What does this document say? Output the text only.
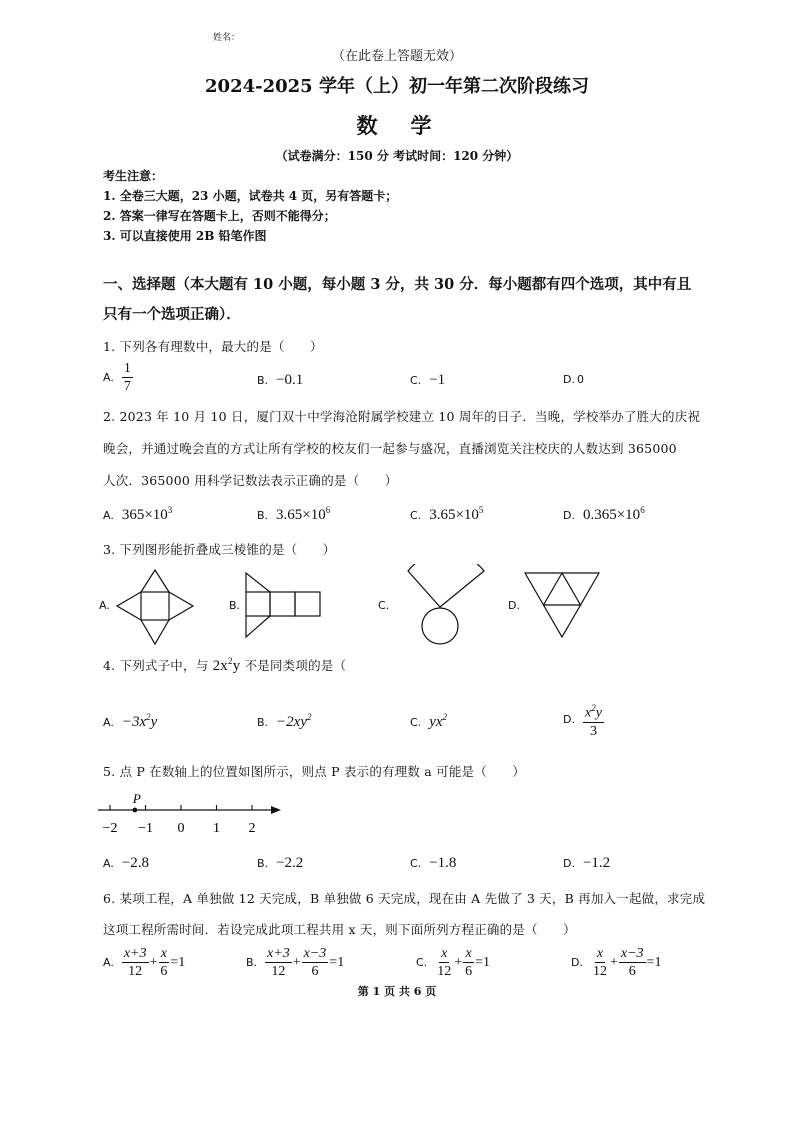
姓名：
（在此卷上答题无效）
2024-2025 学年（上）初一年第二次阶段练习
数　学
（试卷满分：150 分 考试时间：120 分钟）
考生注意：
1. 全卷三大题，23 小题，试卷共 4 页，另有答题卡；
2. 答案一律写在答题卡上，否则不能得分；
3. 可以直接使用 2B 铅笔作图
一、选择题（本大题有 10 小题，每小题 3 分，共 30 分．每小题都有四个选项，其中有且
只有一个选项正确）．
1. 下列各有理数中，最大的是（　　）
A. $\frac{1}{7}$	B. −0.1	C. −1	D. 0
2. 2023 年 10 月 10 日，厦门双十中学海沧附属学校建立 10 周年的日子．当晚，学校举办了胜大的庆祝
晚会，并通过晚会直的方式让所有学校的校友们一起参与盛况，直播浏览关注校庆的人数达到 365000
人次．365000 用科学记数法表示正确的是（　　）
A. $365\times 10^3$	B. $3.65\times 10^6$	C. $3.65\times 10^5$	D. $0.365\times 10^6$
3. 下列图形能折叠成三棱锥的是（　　）
A.	B.	C.	D.
4. 下列式子中，与 $2x^2y$ 不是同类项的是（
A. $-3x^2y$	B. $-2xy^2$	C. $yx^2$	D. $\frac{x^2y}{3}$
5. 点 P 在数轴上的位置如图所示，则点 P 表示的有理数 a 可能是（　　）
−2 −1 0 1 2
P
A. −2.8	B. −2.2	C. −1.8	D. −1.2
6. 某项工程，A 单独做 12 天完成，B 单独做 6 天完成，现在由 A 先做了 3 天，B 再加入一起做，求完成
这项工程所需时间．若设完成此项工程共用 x 天，则下面所列方程正确的是（　　）
A. $\frac{x+3}{12} + \frac{x}{6} =1$	B. $\frac{x+3}{12} + \frac{x-3}{6} =1$	C. $\frac{x}{12} + \frac{x}{6} =1$	D. $\frac{x}{12} + \frac{x-3}{6} =1$
第 1 页 共 6 页
